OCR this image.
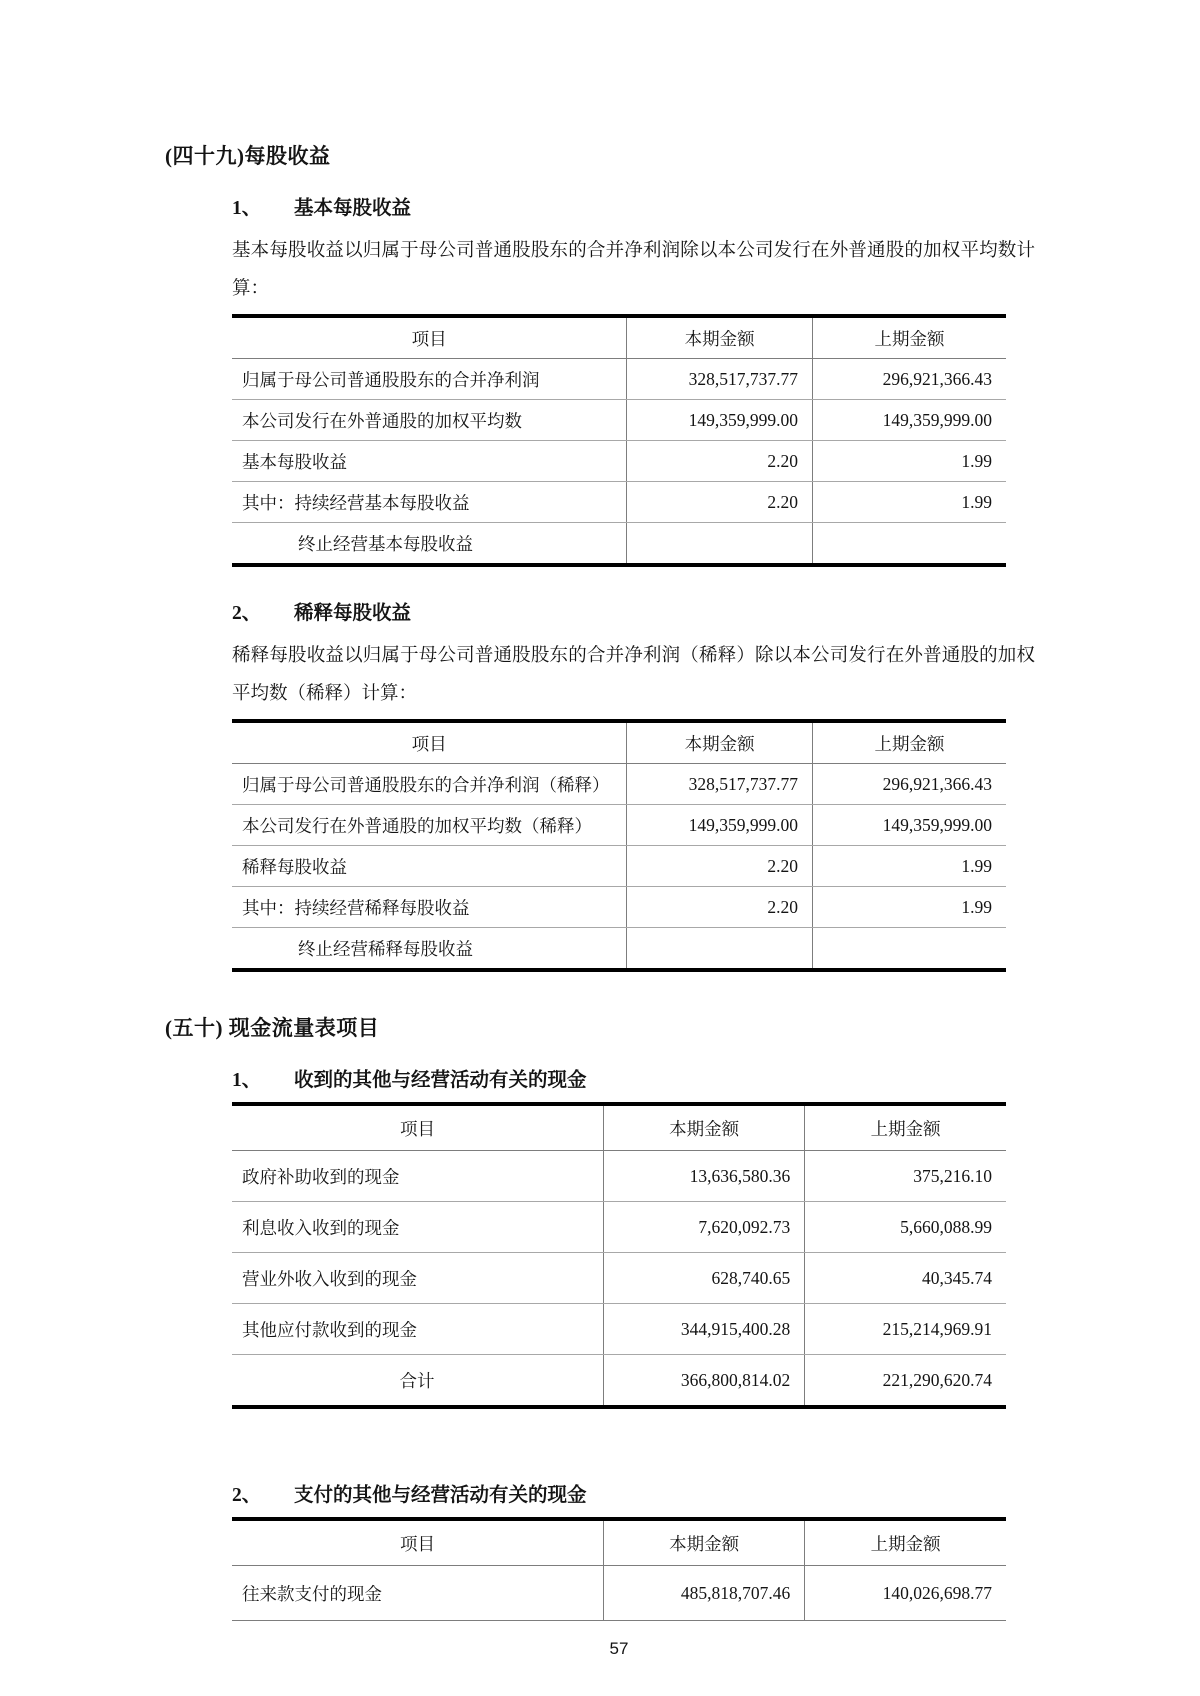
(四十九)每股收益
1、 基本每股收益

基本每股收益以归属于母公司普通股股东的合并净利润除以本公司发行在外普通股的加权平均数计算：

项目	本期金额	上期金额
归属于母公司普通股股东的合并净利润	328,517,737.77	296,921,366.43
本公司发行在外普通股的加权平均数	149,359,999.00	149,359,999.00
基本每股收益	2.20	1.99
其中：持续经营基本每股收益	2.20	1.99
终止经营基本每股收益		
2、 稀释每股收益

稀释每股收益以归属于母公司普通股股东的合并净利润（稀释）除以本公司发行在外普通股的加权平均数（稀释）计算：

项目	本期金额	上期金额
归属于母公司普通股股东的合并净利润（稀释）	328,517,737.77	296,921,366.43
本公司发行在外普通股的加权平均数（稀释）	149,359,999.00	149,359,999.00
稀释每股收益	2.20	1.99
其中：持续经营稀释每股收益	2.20	1.99
终止经营稀释每股收益		
(五十) 现金流量表项目
1、 收到的其他与经营活动有关的现金
项目	本期金额	上期金额
政府补助收到的现金	13,636,580.36	375,216.10
利息收入收到的现金	7,620,092.73	5,660,088.99
营业外收入收到的现金	628,740.65	40,345.74
其他应付款收到的现金	344,915,400.28	215,214,969.91
合计	366,800,814.02	221,290,620.74
2、 支付的其他与经营活动有关的现金
项目	本期金额	上期金额
往来款支付的现金	485,818,707.46	140,026,698.77
57
